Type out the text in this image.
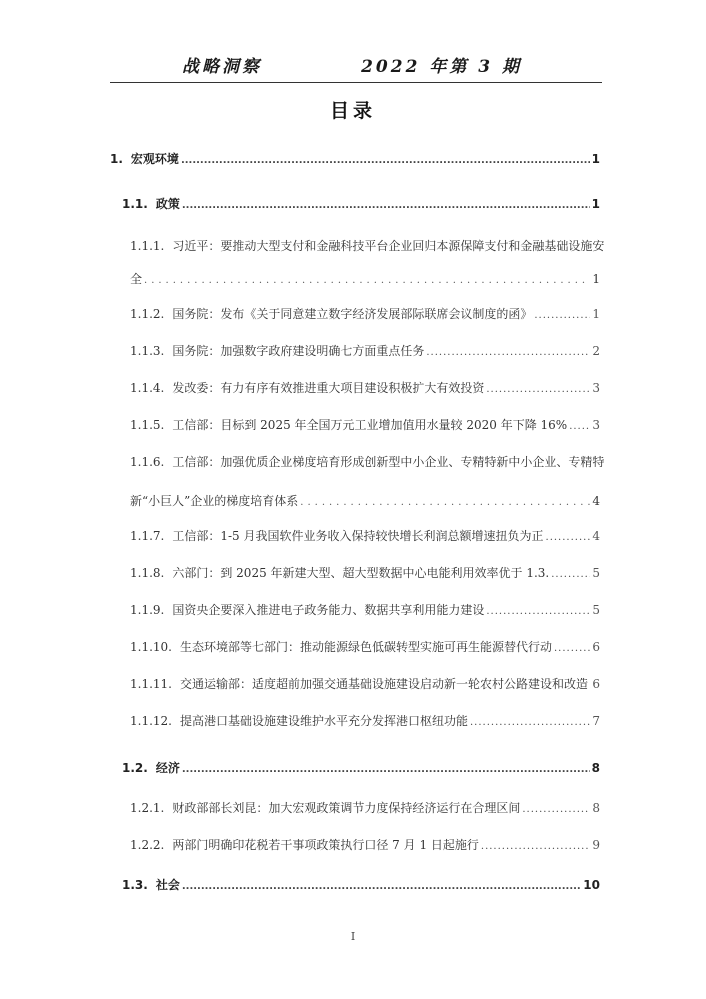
战略洞察	2022 年第 3 期
目录
1. 宏观环境 .....	1
1.1. 政策 .....	1
1.1.1. 习近平：要推动大型支付和金融科技平台企业回归本源保障支付和金融基础设施安
全 .....	1
1.1.2. 国务院：发布《关于同意建立数字经济发展部际联席会议制度的函》 .....	1
1.1.3. 国务院：加强数字政府建设明确七方面重点任务 .....	2
1.1.4. 发改委：有力有序有效推进重大项目建设积极扩大有效投资 .....	3
1.1.5. 工信部：目标到 2025 年全国万元工业增加值用水量较 2020 年下降 16% ..... 3
1.1.6. 工信部：加强优质企业梯度培育形成创新型中小企业、专精特新中小企业、专精特
新“小巨人”企业的梯度培育体系 .....	4
1.1.7. 工信部：1-5 月我国软件业务收入保持较快增长利润总额增速扭负为正 .....	4
1.1.8. 六部门：到 2025 年新建大型、超大型数据中心电能利用效率优于 1.3. .....	5
1.1.9. 国资央企要深入推进电子政务能力、数据共享利用能力建设 .....	5
1.1.10. 生态环境部等七部门：推动能源绿色低碳转型实施可再生能源替代行动 .....	6
1.1.11. 交通运输部：适度超前加强交通基础设施建设启动新一轮农村公路建设和改造 ..... 6
1.1.12. 提高港口基础设施建设维护水平充分发挥港口枢纽功能 .....	7
1.2. 经济 .....	8
1.2.1. 财政部部长刘昆：加大宏观政策调节力度保持经济运行在合理区间 .....	8
1.2.2. 两部门明确印花税若干事项政策执行口径 7 月 1 日起施行 .....	9
1.3. 社会 .....	10
I
